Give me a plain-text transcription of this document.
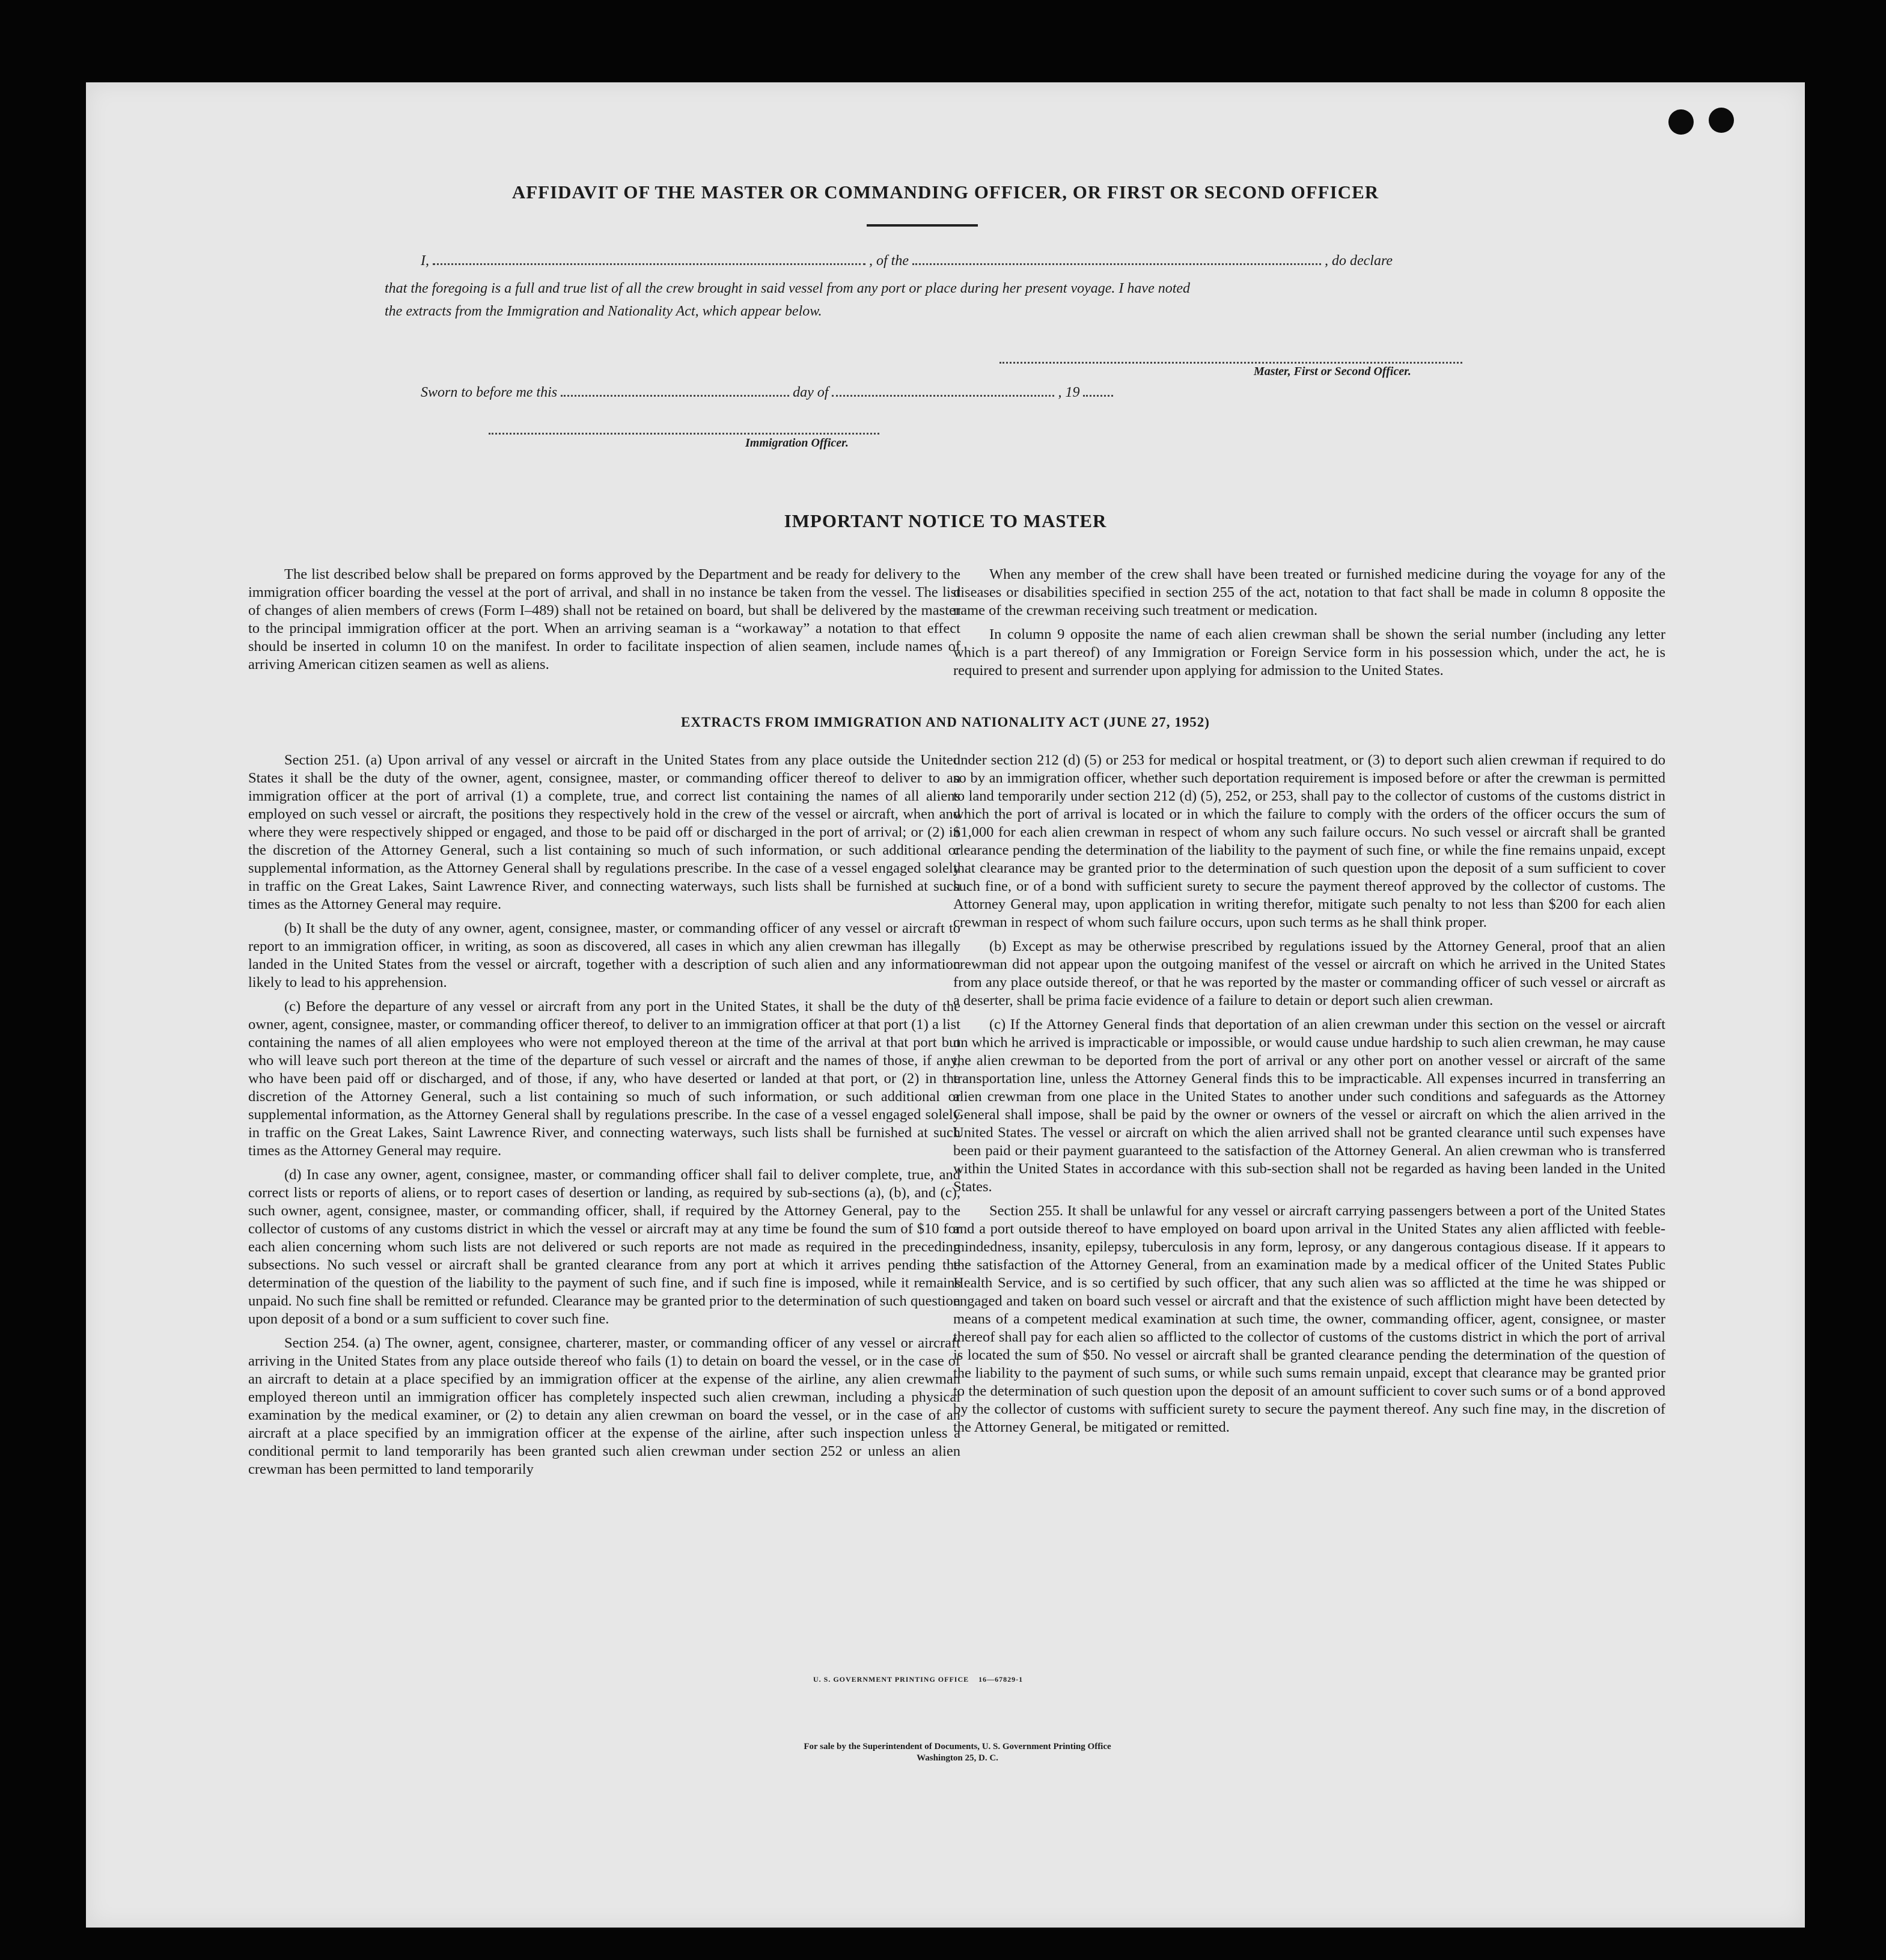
AFFIDAVIT OF THE MASTER OR COMMANDING OFFICER, OR FIRST OR SECOND OFFICER
I,	, of the	, do declare
that the foregoing is a full and true list of all the crew brought in said vessel from any port or place during her present voyage. I have noted
the extracts from the Immigration and Nationality Act, which appear below.
Master, First or Second Officer.
Sworn to before me this	day of	, 19
Immigration Officer.
IMPORTANT NOTICE TO MASTER

The list described below shall be prepared on forms approved by the Department and be ready for delivery to the immigration officer boarding the vessel at the port of arrival, and shall in no instance be taken from the vessel. The list of changes of alien members of crews (Form I–489) shall not be retained on board, but shall be delivered by the master to the principal immigration officer at the port. When an arriving seaman is a “workaway” a notation to that effect should be inserted in column 10 on the manifest. In order to facilitate inspection of alien seamen, include names of arriving American citizen seamen as well as aliens.

When any member of the crew shall have been treated or furnished medicine during the voyage for any of the diseases or disabilities specified in section 255 of the act, notation to that fact shall be made in column 8 opposite the name of the crewman receiving such treatment or medication.

In column 9 opposite the name of each alien crewman shall be shown the serial number (including any letter which is a part thereof) of any Immigration or Foreign Service form in his possession which, under the act, he is required to present and surrender upon applying for admission to the United States.

EXTRACTS FROM IMMIGRATION AND NATIONALITY ACT (JUNE 27, 1952)

Section 251. (a) Upon arrival of any vessel or aircraft in the United States from any place outside the United States it shall be the duty of the owner, agent, consignee, master, or commanding officer thereof to deliver to an immigration officer at the port of arrival (1) a complete, true, and correct list containing the names of all aliens employed on such vessel or aircraft, the positions they respectively hold in the crew of the vessel or aircraft, when and where they were respectively shipped or engaged, and those to be paid off or discharged in the port of arrival; or (2) in the discretion of the Attorney General, such a list containing so much of such information, or such additional or supplemental information, as the Attorney General shall by regulations prescribe. In the case of a vessel engaged solely in traffic on the Great Lakes, Saint Lawrence River, and connecting waterways, such lists shall be furnished at such times as the Attorney General may require.

(b) It shall be the duty of any owner, agent, consignee, master, or commanding officer of any vessel or aircraft to report to an immigration officer, in writing, as soon as discovered, all cases in which any alien crewman has illegally landed in the United States from the vessel or aircraft, together with a description of such alien and any information likely to lead to his apprehension.

(c) Before the departure of any vessel or aircraft from any port in the United States, it shall be the duty of the owner, agent, consignee, master, or commanding officer thereof, to deliver to an immigration officer at that port (1) a list containing the names of all alien employees who were not employed thereon at the time of the arrival at that port but who will leave such port thereon at the time of the departure of such vessel or aircraft and the names of those, if any, who have been paid off or discharged, and of those, if any, who have deserted or landed at that port, or (2) in the discretion of the Attorney General, such a list containing so much of such information, or such additional or supplemental information, as the Attorney General shall by regulations prescribe. In the case of a vessel engaged solely in traffic on the Great Lakes, Saint Lawrence River, and connecting waterways, such lists shall be furnished at such times as the Attorney General may require.

(d) In case any owner, agent, consignee, master, or commanding officer shall fail to deliver complete, true, and correct lists or reports of aliens, or to report cases of desertion or landing, as required by sub-sections (a), (b), and (c), such owner, agent, consignee, master, or commanding officer, shall, if required by the Attorney General, pay to the collector of customs of any customs district in which the vessel or aircraft may at any time be found the sum of $10 for each alien concerning whom such lists are not delivered or such reports are not made as required in the preceding subsections. No such vessel or aircraft shall be granted clearance from any port at which it arrives pending the determination of the question of the liability to the payment of such fine, and if such fine is imposed, while it remains unpaid. No such fine shall be remitted or refunded. Clearance may be granted prior to the determination of such question upon deposit of a bond or a sum sufficient to cover such fine.

Section 254. (a) The owner, agent, consignee, charterer, master, or commanding officer of any vessel or aircraft arriving in the United States from any place outside thereof who fails (1) to detain on board the vessel, or in the case of an aircraft to detain at a place specified by an immigration officer at the expense of the airline, any alien crewman employed thereon until an immigration officer has completely inspected such alien crewman, including a physical examination by the medical examiner, or (2) to detain any alien crewman on board the vessel, or in the case of an aircraft at a place specified by an immigration officer at the expense of the airline, after such inspection unless a conditional permit to land temporarily has been granted such alien crewman under section 252 or unless an alien crewman has been permitted to land temporarily

under section 212 (d) (5) or 253 for medical or hospital treatment, or (3) to deport such alien crewman if required to do so by an immigration officer, whether such deportation requirement is imposed before or after the crewman is permitted to land temporarily under section 212 (d) (5), 252, or 253, shall pay to the collector of customs of the customs district in which the port of arrival is located or in which the failure to comply with the orders of the officer occurs the sum of $1,000 for each alien crewman in respect of whom any such failure occurs. No such vessel or aircraft shall be granted clearance pending the determination of the liability to the payment of such fine, or while the fine remains unpaid, except that clearance may be granted prior to the determination of such question upon the deposit of a sum sufficient to cover such fine, or of a bond with sufficient surety to secure the payment thereof approved by the collector of customs. The Attorney General may, upon application in writing therefor, mitigate such penalty to not less than $200 for each alien crewman in respect of whom such failure occurs, upon such terms as he shall think proper.

(b) Except as may be otherwise prescribed by regulations issued by the Attorney General, proof that an alien crewman did not appear upon the outgoing manifest of the vessel or aircraft on which he arrived in the United States from any place outside thereof, or that he was reported by the master or commanding officer of such vessel or aircraft as a deserter, shall be prima facie evidence of a failure to detain or deport such alien crewman.

(c) If the Attorney General finds that deportation of an alien crewman under this section on the vessel or aircraft on which he arrived is impracticable or impossible, or would cause undue hardship to such alien crewman, he may cause the alien crewman to be deported from the port of arrival or any other port on another vessel or aircraft of the same transportation line, unless the Attorney General finds this to be impracticable. All expenses incurred in transferring an alien crewman from one place in the United States to another under such conditions and safeguards as the Attorney General shall impose, shall be paid by the owner or owners of the vessel or aircraft on which the alien arrived in the United States. The vessel or aircraft on which the alien arrived shall not be granted clearance until such expenses have been paid or their payment guaranteed to the satisfaction of the Attorney General. An alien crewman who is transferred within the United States in accordance with this sub-section shall not be regarded as having been landed in the United States.

Section 255. It shall be unlawful for any vessel or aircraft carrying passengers between a port of the United States and a port outside thereof to have employed on board upon arrival in the United States any alien afflicted with feeble-mindedness, insanity, epilepsy, tuberculosis in any form, leprosy, or any dangerous contagious disease. If it appears to the satisfaction of the Attorney General, from an examination made by a medical officer of the United States Public Health Service, and is so certified by such officer, that any such alien was so afflicted at the time he was shipped or engaged and taken on board such vessel or aircraft and that the existence of such affliction might have been detected by means of a competent medical examination at such time, the owner, commanding officer, agent, consignee, or master thereof shall pay for each alien so afflicted to the collector of customs of the customs district in which the port of arrival is located the sum of $50. No vessel or aircraft shall be granted clearance pending the determination of the question of the liability to the payment of such sums, or while such sums remain unpaid, except that clearance may be granted prior to the determination of such question upon the deposit of an amount sufficient to cover such sums or of a bond approved by the collector of customs with sufficient surety to secure the payment thereof. Any such fine may, in the discretion of the Attorney General, be mitigated or remitted.

U. S. GOVERNMENT PRINTING OFFICE    16—67829-1
For sale by the Superintendent of Documents, U. S. Government Printing Office
Washington 25, D. C.
